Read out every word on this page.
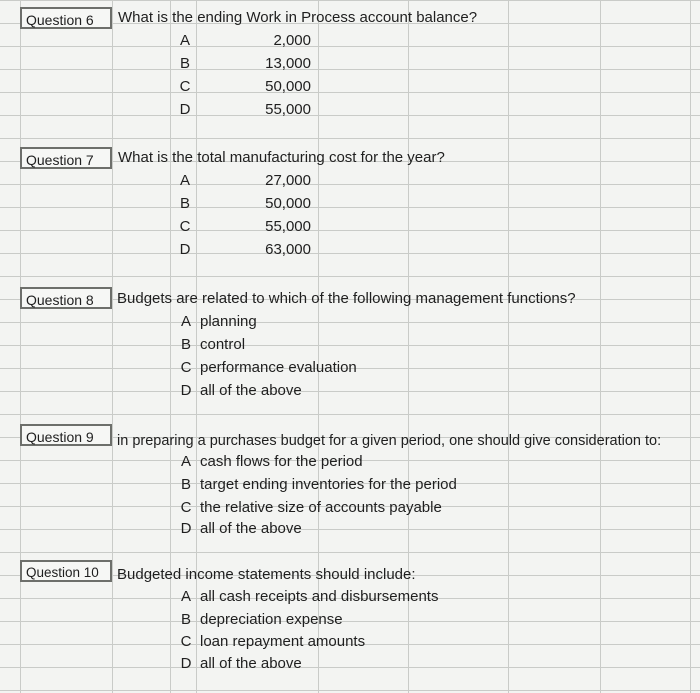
Question 6	What is the ending Work in Process account balance?
A	2,000
B	13,000
C	50,000
D	55,000
Question 7	What is the total manufacturing cost for the year?
A	27,000
B	50,000
C	55,000
D	63,000
Question 8	Budgets are related to which of the following management functions?
A planning
B control
C performance evaluation
D all of the above
Question 9	in preparing a purchases budget for a given period, one should give consideration to:
A cash flows for the period
B target ending inventories for the period
C the relative size of accounts payable
D all of the above
Question 10	Budgeted income statements should include:
A all cash receipts and disbursements
B depreciation expense
C loan repayment amounts
D all of the above
